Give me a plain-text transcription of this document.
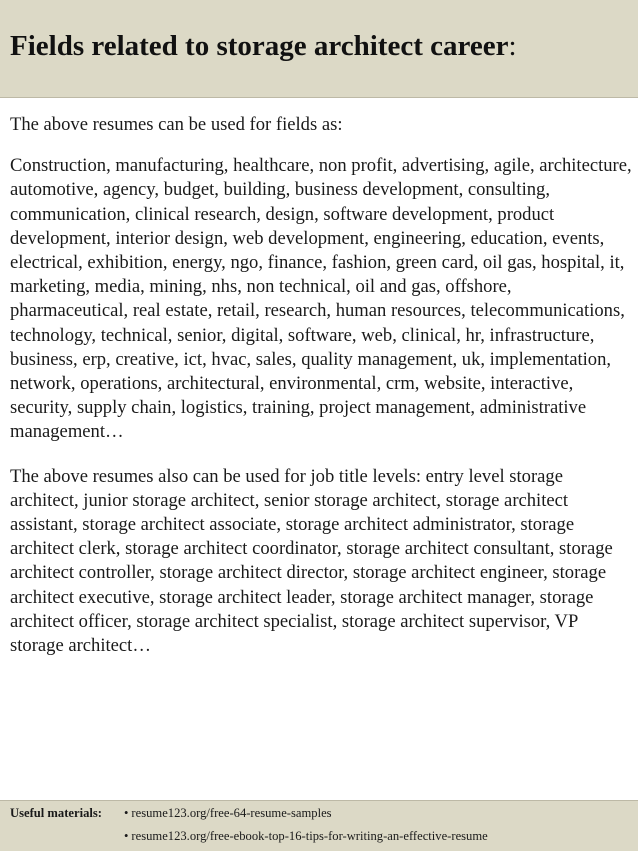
Fields related to storage architect career:

The above resumes can be used for fields as:

Construction, manufacturing, healthcare, non profit, advertising, agile, architecture, automotive, agency, budget, building, business development, consulting, communication, clinical research, design, software development, product development, interior design, web development, engineering, education, events, electrical, exhibition, energy, ngo, finance, fashion, green card, oil gas, hospital, it, marketing, media, mining, nhs, non technical, oil and gas, offshore, pharmaceutical, real estate, retail, research, human resources, telecommunications, technology, technical, senior, digital, software, web, clinical, hr, infrastructure, business, erp, creative, ict, hvac, sales, quality management, uk, implementation, network, operations, architectural, environmental, crm, website, interactive, security, supply chain, logistics, training, project management, administrative management…

The above resumes also can be used for job title levels: entry level storage architect, junior storage architect, senior storage architect, storage architect assistant, storage architect associate, storage architect administrator, storage architect clerk, storage architect coordinator, storage architect consultant, storage architect controller, storage architect director, storage architect engineer, storage architect executive, storage architect leader, storage architect manager, storage architect officer, storage architect specialist, storage architect supervisor, VP storage architect…

Useful materials: • resume123.org/free-64-resume-samples
• resume123.org/free-ebook-top-16-tips-for-writing-an-effective-resume
